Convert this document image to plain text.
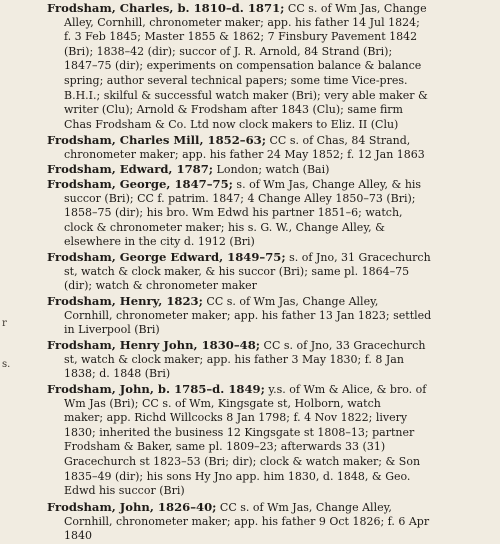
r
s.
Frodsham, Charles, b. 1810–d. 1871; CC s. of Wm Jas, Change
Alley, Cornhill, chronometer maker; app. his father 14 Jul 1824;
f. 3 Feb 1845; Master 1855 & 1862; 7 Finsbury Pavement 1842
(Bri); 1838–42 (dir); succor of J. R. Arnold, 84 Strand (Bri);
1847–75 (dir); experiments on compensation balance & balance
spring; author several technical papers; some time Vice-pres.
B.H.I.; skilful & successful watch maker (Bri); very able maker &
writer (Clu); Arnold & Frodsham after 1843 (Clu); same firm
Chas Frodsham & Co. Ltd now clock makers to Eliz. II (Clu)
Frodsham, Charles Mill, 1852–63; CC s. of Chas, 84 Strand,
chronometer maker; app. his father 24 May 1852; f. 12 Jan 1863
Frodsham, Edward, 1787; London; watch (Bai)
Frodsham, George, 1847–75; s. of Wm Jas, Change Alley, & his
succor (Bri); CC f. patrim. 1847; 4 Change Alley 1850–73 (Bri);
1858–75 (dir); his bro. Wm Edwd his partner 1851–6; watch,
clock & chronometer maker; his s. G. W., Change Alley, &
elsewhere in the city d. 1912 (Bri)
Frodsham, George Edward, 1849–75; s. of Jno, 31 Gracechurch
st, watch & clock maker, & his succor (Bri); same pl. 1864–75
(dir); watch & chronometer maker
Frodsham, Henry, 1823; CC s. of Wm Jas, Change Alley,
Cornhill, chronometer maker; app. his father 13 Jan 1823; settled
in Liverpool (Bri)
Frodsham, Henry John, 1830–48; CC s. of Jno, 33 Gracechurch
st, watch & clock maker; app. his father 3 May 1830; f. 8 Jan
1838; d. 1848 (Bri)
Frodsham, John, b. 1785–d. 1849; y.s. of Wm & Alice, & bro. of
Wm Jas (Bri); CC s. of Wm, Kingsgate st, Holborn, watch
maker; app. Richd Willcocks 8 Jan 1798; f. 4 Nov 1822; livery
1830; inherited the business 12 Kingsgate st 1808–13; partner
Frodsham & Baker, same pl. 1809–23; afterwards 33 (31)
Gracechurch st 1823–53 (Bri; dir); clock & watch maker; & Son
1835–49 (dir); his sons Hy Jno app. him 1830, d. 1848, & Geo.
Edwd his succor (Bri)
Frodsham, John, 1826–40; CC s. of Wm Jas, Change Alley,
Cornhill, chronometer maker; app. his father 9 Oct 1826; f. 6 Apr
1840
